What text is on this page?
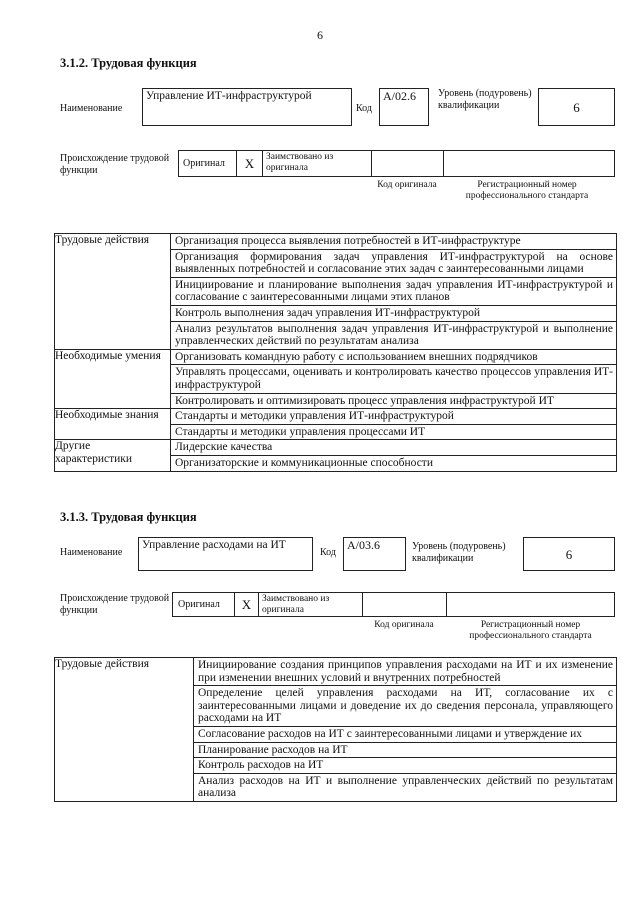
6
3.1.2. Трудовая функция
Наименование
Управление ИТ-инфраструктурой
Код
A/02.6	Уровень (подуровень) квалификации	6
Происхождение трудовой функции
Оригинал	X	Заимствовано из оригинала
Код оригинала	Регистрационный номер профессионального стандарта
Трудовые действия	Организация процесса выявления потребностей в ИТ-инфраструктуре
Организация формирования задач управления ИТ-инфраструктурой на основе выявленных потребностей и согласование этих задач с заинтересованными лицами
Инициирование и планирование выполнения задач управления ИТ-инфраструктурой и согласование с заинтересованными лицами этих планов
Контроль выполнения задач управления ИТ-инфраструктурой
Анализ результатов выполнения задач управления ИТ-инфраструктурой и выполнение управленческих действий по результатам анализа

Необходимые умения	Организовать командную работу с использованием внешних подрядчиков
Управлять процессами, оценивать и контролировать качество процессов управления ИТ-инфраструктурой
Контролировать и оптимизировать процесс управления инфраструктурой ИТ

Необходимые знания	Стандарты и методики управления ИТ-инфраструктурой
Стандарты и методики управления процессами ИТ

Другие характеристики	Лидерские качества
Организаторские и коммуникационные способности
3.1.3. Трудовая функция
Наименование
Управление расходами на ИТ
Код
A/03.6	Уровень (подуровень) квалификации	6
Происхождение трудовой функции	Оригинал	X	Заимствовано из оригинала
Код оригинала	Регистрационный номер профессионального стандарта
Трудовые действия	Инициирование создания принципов управления расходами на ИТ и их изменение при изменении внешних условий и внутренних потребностей
Определение целей управления расходами на ИТ, согласование их с заинтересованными лицами и доведение их до сведения персонала, управляющего расходами на ИТ
Согласование расходов на ИТ с заинтересованными лицами и утверждение их
Планирование расходов на ИТ
Контроль расходов на ИТ
Анализ расходов на ИТ и выполнение управленческих действий по результатам анализа
